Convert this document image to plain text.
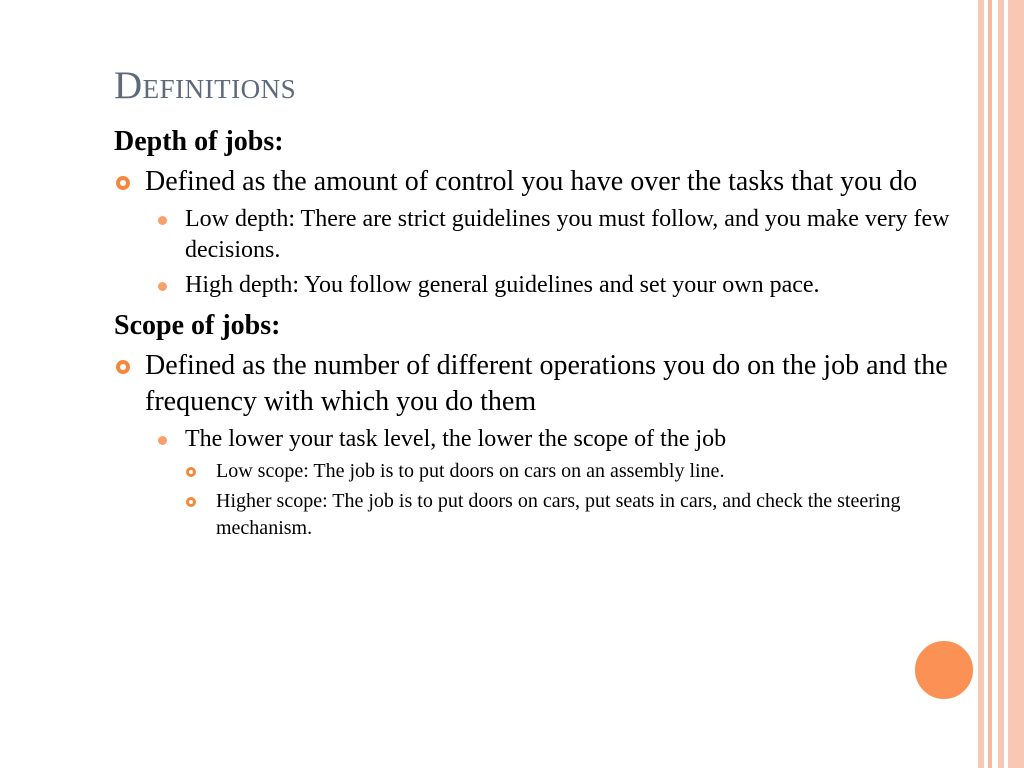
Definitions
Depth of jobs:
Defined as the amount of control you have over the tasks that you do
Low depth: There are strict guidelines you must follow, and you make very few decisions.
High depth: You follow general guidelines and set your own pace.
Scope of jobs:
Defined as the number of different operations you do on the job and the frequency with which you do them
The lower your task level, the lower the scope of the job
Low scope: The job is to put doors on cars on an assembly line.
Higher scope: The job is to put doors on cars, put seats in cars, and check the steering mechanism.
